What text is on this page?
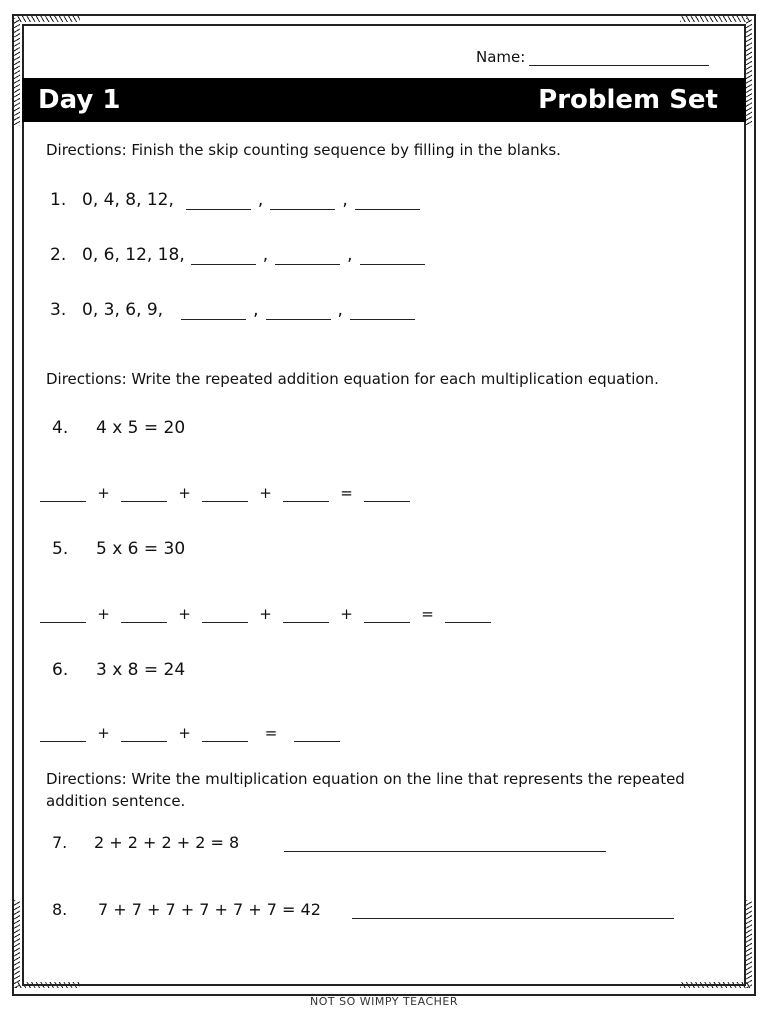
Name:
Day 1	Problem Set
Directions: Finish the skip counting sequence by filling in the blanks.
1. 0, 4, 8, 12,	,	,
2. 0, 6, 12, 18,	,	,
3. 0, 3, 6, 9,	,	,
Directions: Write the repeated addition equation for each multiplication equation.
4.	4 x 5 = 20
+	+	+	=
5.	5 x 6 = 30
+	+	+	+	=
6.	3 x 8 = 24
+	+	=
Directions: Write the multiplication equation on the line that represents the repeated addition sentence.
7.	2 + 2 + 2 + 2 = 8
8.	7 + 7 + 7 + 7 + 7 + 7 = 42
NOT SO WIMPY TEACHER
